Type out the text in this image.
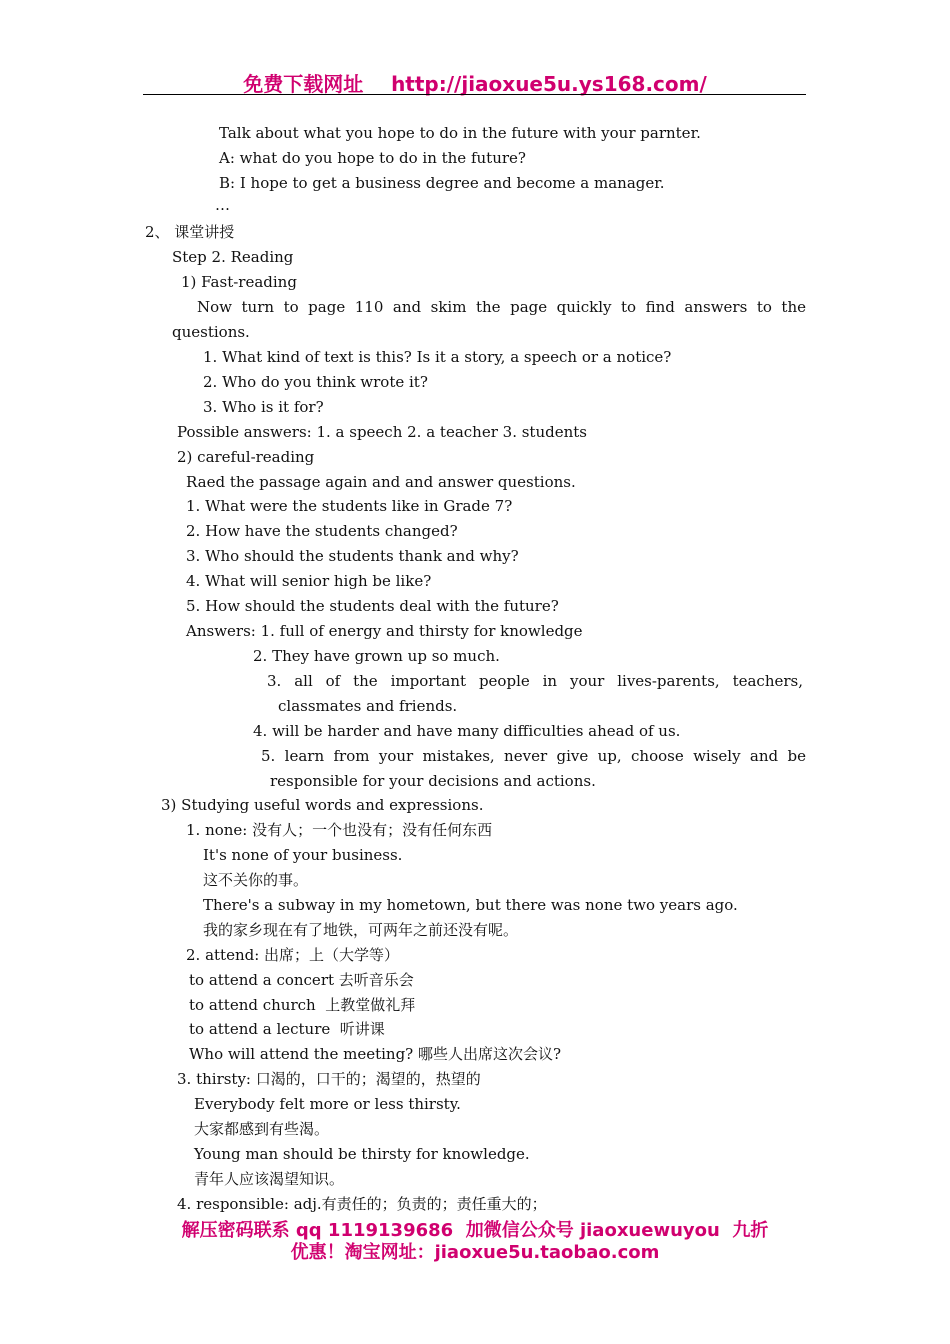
免费下载网址 http://jiaoxue5u.ys168.com/
Talk about what you hope to do in the future with your parnter.
A: what do you hope to do in the future?
B: I hope to get a business degree and become a manager.
…
2、 课堂讲授
Step 2. Reading
1) Fast-reading
Now turn to page 110 and skim the page quickly to find answers to the
questions.
1. What kind of text is this? Is it a story, a speech or a notice?
2. Who do you think wrote it?
3. Who is it for?
Possible answers: 1. a speech 2. a teacher 3. students
2) careful-reading
Raed the passage again and and answer questions.
1. What were the students like in Grade 7?
2. How have the students changed?
3. Who should the students thank and why?
4. What will senior high be like?
5. How should the students deal with the future?
Answers: 1. full of energy and thirsty for knowledge
2. They have grown up so much.
3. all of the important people in your lives-parents, teachers,
classmates and friends.
4. will be harder and have many difficulties ahead of us.
5. learn from your mistakes, never give up, choose wisely and be
responsible for your decisions and actions.
3) Studying useful words and expressions.
1. none: 没有人；一个也没有；没有任何东西
It's none of your business.
这不关你的事。
There's a subway in my hometown, but there was none two years ago.
我的家乡现在有了地铁，可两年之前还没有呢。
2. attend: 出席；上（大学等）
to attend a concert 去听音乐会
to attend church  上教堂做礼拜
to attend a lecture  听讲课
Who will attend the meeting? 哪些人出席这次会议?
3. thirsty: 口渴的，口干的；渴望的，热望的
Everybody felt more or less thirsty.
大家都感到有些渴。
Young man should be thirsty for knowledge.
青年人应该渴望知识。
4. responsible: adj.有责任的；负责的；责任重大的；
解压密码联系 qq 1119139686  加微信公众号 jiaoxuewuyou  九折
优惠！淘宝网址：jiaoxue5u.taobao.com
